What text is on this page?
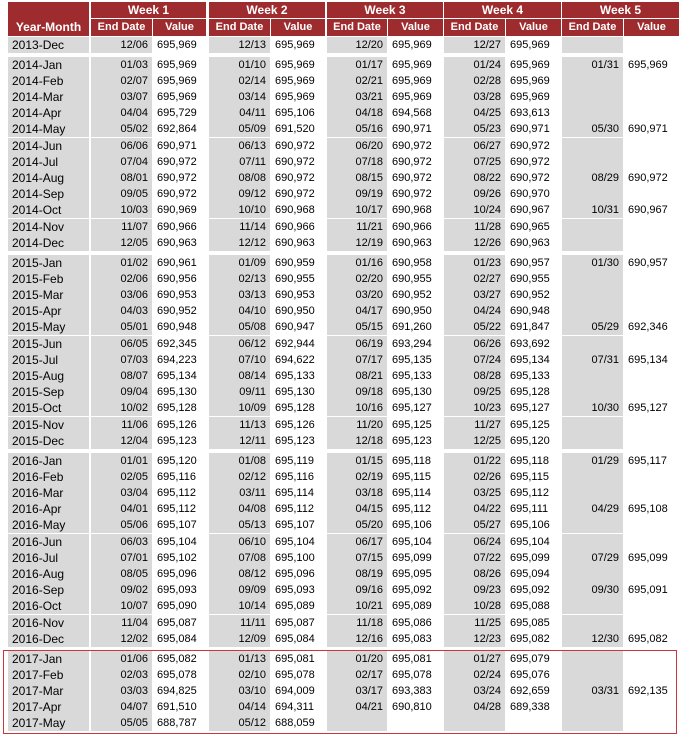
Year-Month
Week 1
End Date	Value
Week 2
End Date	Value
Week 3
End Date	Value
Week 4
End Date	Value
Week 5
End Date	Value
2013-Dec	12/06 695,969	12/13 695,969	12/20 695,969	12/27 695,969
2014-Jan	01/03 695,969	01/10 695,969	01/17 695,969	01/24 695,969	01/31 695,969
2014-Feb	02/07 695,969	02/14 695,969	02/21 695,969	02/28 695,969
2014-Mar	03/07 695,969	03/14 695,969	03/21 695,969	03/28 695,969
2014-Apr	04/04 695,729	04/11 695,106	04/18 694,568	04/25 693,613
2014-May	05/02 692,864	05/09 691,520	05/16 690,971	05/23 690,971	05/30 690,971
2014-Jun	06/06 690,971	06/13 690,972	06/20 690,972	06/27 690,972
2014-Jul	07/04 690,972	07/11 690,972	07/18 690,972	07/25 690,972
2014-Aug	08/01 690,972	08/08 690,972	08/15 690,972	08/22 690,972	08/29 690,972
2014-Sep	09/05 690,972	09/12 690,972	09/19 690,972	09/26 690,970
2014-Oct	10/03 690,969	10/10 690,968	10/17 690,968	10/24 690,967	10/31 690,967
2014-Nov	11/07 690,966	11/14 690,966	11/21 690,966	11/28 690,965
2014-Dec	12/05 690,963	12/12 690,963	12/19 690,963	12/26 690,963
2015-Jan	01/02 690,961	01/09 690,959	01/16 690,958	01/23 690,957	01/30 690,957
2015-Feb	02/06 690,956	02/13 690,955	02/20 690,955	02/27 690,955
2015-Mar	03/06 690,953	03/13 690,953	03/20 690,952	03/27 690,952
2015-Apr	04/03 690,952	04/10 690,950	04/17 690,950	04/24 690,948
2015-May	05/01 690,948	05/08 690,947	05/15 691,260	05/22 691,847	05/29 692,346
2015-Jun	06/05 692,345	06/12 692,944	06/19 693,294	06/26 693,692
2015-Jul	07/03 694,223	07/10 694,622	07/17 695,135	07/24 695,134	07/31 695,134
2015-Aug	08/07 695,134	08/14 695,133	08/21 695,133	08/28 695,133
2015-Sep	09/04 695,130	09/11 695,130	09/18 695,130	09/25 695,128
2015-Oct	10/02 695,128	10/09 695,128	10/16 695,127	10/23 695,127	10/30 695,127
2015-Nov	11/06 695,126	11/13 695,126	11/20 695,125	11/27 695,125
2015-Dec	12/04 695,123	12/11 695,123	12/18 695,123	12/25 695,120
2016-Jan	01/01 695,120	01/08 695,119	01/15 695,118	01/22 695,118	01/29 695,117
2016-Feb	02/05 695,116	02/12 695,116	02/19 695,115	02/26 695,115
2016-Mar	03/04 695,112	03/11 695,114	03/18 695,114	03/25 695,112
2016-Apr	04/01 695,112	04/08 695,112	04/15 695,112	04/22 695,111	04/29 695,108
2016-May	05/06 695,107	05/13 695,107	05/20 695,106	05/27 695,106
2016-Jun	06/03 695,104	06/10 695,104	06/17 695,104	06/24 695,104
2016-Jul	07/01 695,102	07/08 695,100	07/15 695,099	07/22 695,099	07/29 695,099
2016-Aug	08/05 695,096	08/12 695,096	08/19 695,095	08/26 695,094
2016-Sep	09/02 695,093	09/09 695,093	09/16 695,092	09/23 695,092	09/30 695,091
2016-Oct	10/07 695,090	10/14 695,089	10/21 695,089	10/28 695,088
2016-Nov	11/04 695,087	11/11 695,087	11/18 695,086	11/25 695,085
2016-Dec	12/02 695,084	12/09 695,084	12/16 695,083	12/23 695,082	12/30 695,082
2017-Jan	01/06 695,082	01/13 695,081	01/20 695,081	01/27 695,079
2017-Feb	02/03 695,078	02/10 695,078	02/17 695,078	02/24 695,076
2017-Mar	03/03 694,825	03/10 694,009	03/17 693,383	03/24 692,659	03/31 692,135
2017-Apr	04/07 691,510	04/14 694,311	04/21 690,810	04/28 689,338
2017-May	05/05 688,787	05/12 688,059
